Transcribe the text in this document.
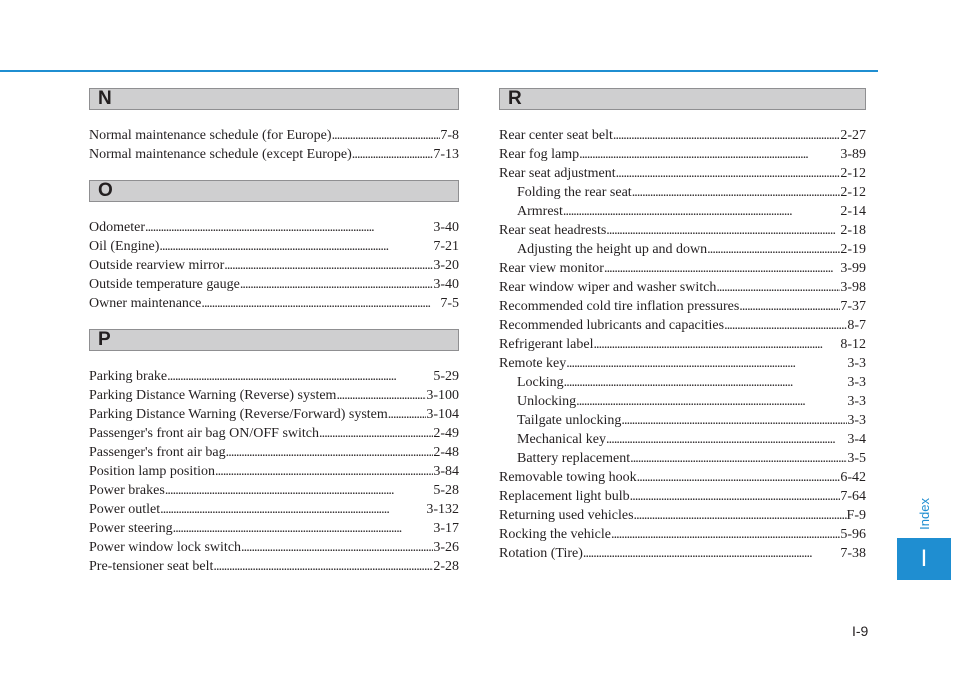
N
Normal maintenance schedule (for Europe) . . .	7-8
Normal maintenance schedule (except Europe) . . .	7-13
O
Odometer . . .	3-40
Oil (Engine) . . .	7-21
Outside rearview mirror . . .	3-20
Outside temperature gauge . . .	3-40
Owner maintenance . . .	7-5
P
Parking brake . . .	5-29
Parking Distance Warning (Reverse) system . . .	3-100
Parking Distance Warning (Reverse/Forward) system . . .	3-104
Passenger's front air bag ON/OFF switch . . .	2-49
Passenger's front air bag . . .	2-48
Position lamp position . . .	3-84
Power brakes . . .	5-28
Power outlet . . .	3-132
Power steering . . .	3-17
Power window lock switch . . .	3-26
Pre-tensioner seat belt . . .	2-28
R
Rear center seat belt . . .	2-27
Rear fog lamp . . .	3-89
Rear seat adjustment . . .	2-12
Folding the rear seat . . .	2-12
Armrest . . .	2-14
Rear seat headrests . . .	2-18
Adjusting the height up and down . . .	2-19
Rear view monitor . . .	3-99
Rear window wiper and washer switch . . .	3-98
Recommended cold tire inflation pressures . . .	7-37
Recommended lubricants and capacities . . .	8-7
Refrigerant label . . .	8-12
Remote key . . .	3-3
Locking . . .	3-3
Unlocking . . .	3-3
Tailgate unlocking . . .	3-3
Mechanical key . . .	3-4
Battery replacement . . .	3-5
Removable towing hook . . .	6-42
Replacement light bulb . . .	7-64
Returning used vehicles . . .	F-9
Rocking the vehicle . . .	5-96
Rotation (Tire) . . .	7-38
Index
I
I-9
